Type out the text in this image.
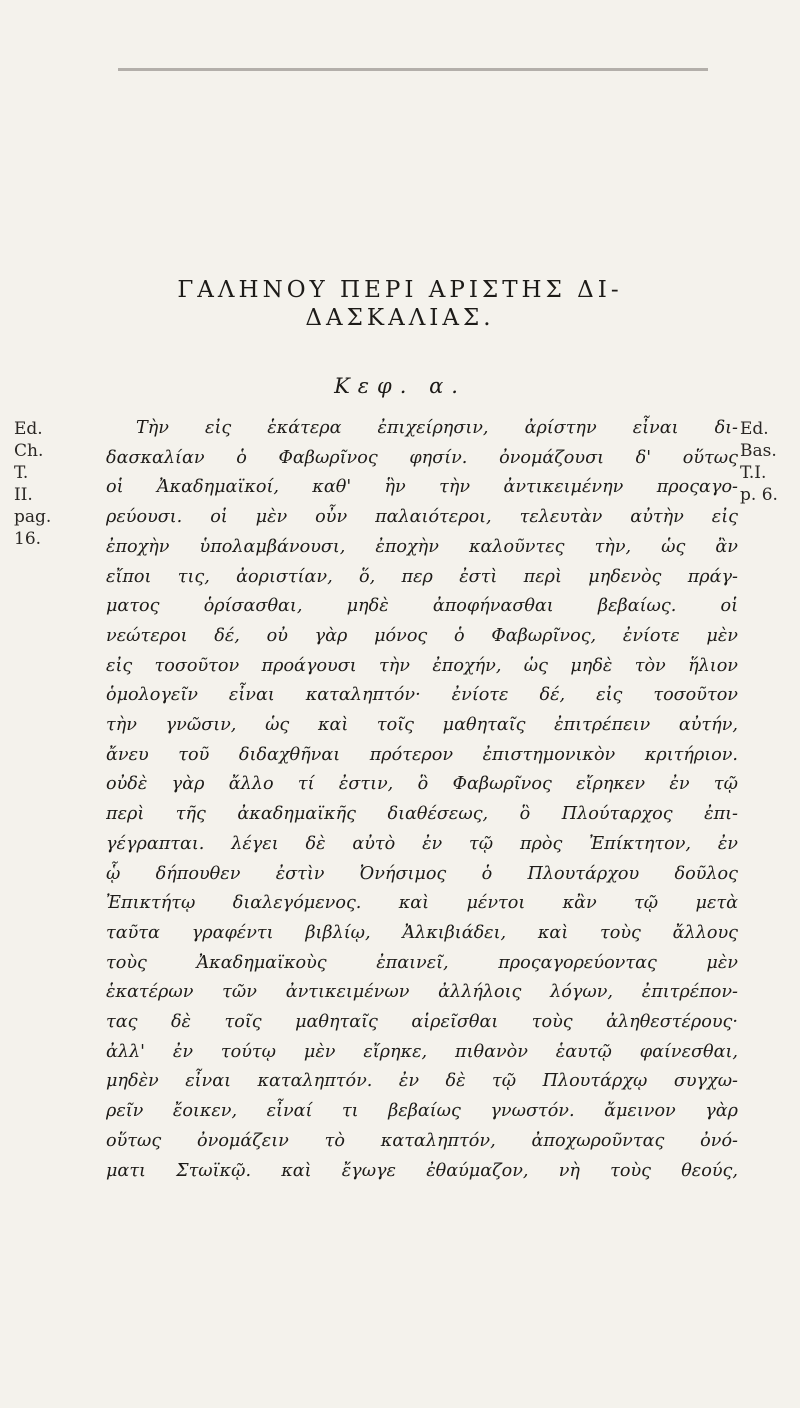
ΓΑΛΗΝΟΥ ΠΕΡΙ ΑΡΙΣΤΗΣ ΔΙ-
ΔΑΣΚΑΛΙΑΣ.
Κεφ. α.
Ed.
Ch.
T.
II.
pag.
16.
Ed.
Bas.
T.I.
p. 6.
Τὴν εἰς ἑκάτερα ἐπιχείρησιν, ἀρίστην εἶναι δι-
δασκαλίαν ὁ Φαβωρῖνος φησίν. ὀνομάζουσι δ' οὕτως
οἱ Ἀκαδημαϊκοί, καθ' ἣν τὴν ἀντικειμένην προςαγο-
ρεύουσι. οἱ μὲν οὖν παλαιότεροι, τελευτὰν αὐτὴν εἰς
ἐποχὴν ὑπολαμβάνουσι, ἐποχὴν καλοῦντες τὴν, ὡς ἂν
εἴποι τις, ἀοριστίαν, ὅ, περ ἐστὶ περὶ μηδενὸς πράγ-
ματος ὁρίσασθαι, μηδὲ ἀποφήνασθαι βεβαίως. οἱ
νεώτεροι δέ, οὐ γὰρ μόνος ὁ Φαβωρῖνος, ἐνίοτε μὲν
εἰς τοσοῦτον προάγουσι τὴν ἐποχήν, ὡς μηδὲ τὸν ἥλιον
ὁμολογεῖν εἶναι καταληπτόν· ἐνίοτε δέ, εἰς τοσοῦτον
τὴν γνῶσιν, ὡς καὶ τοῖς μαθηταῖς ἐπιτρέπειν αὐτήν,
ἄνευ τοῦ διδαχθῆναι πρότερον ἐπιστημονικὸν κριτήριον.
οὐδὲ γὰρ ἄλλο τί ἐστιν, ὃ Φαβωρῖνος εἴρηκεν ἐν τῷ
περὶ τῆς ἀκαδημαϊκῆς διαθέσεως, ὃ Πλούταρχος ἐπι-
γέγραπται. λέγει δὲ αὐτὸ ἐν τῷ πρὸς Ἐπίκτητον, ἐν
ᾧ δήπουθεν ἐστὶν Ὀνήσιμος ὁ Πλουτάρχου δοῦλος
Ἐπικτήτῳ διαλεγόμενος. καὶ μέντοι κἂν τῷ μετὰ
ταῦτα γραφέντι βιβλίῳ, Ἀλκιβιάδει, καὶ τοὺς ἄλλους
τοὺς Ἀκαδημαϊκοὺς ἐπαινεῖ, προςαγορεύοντας μὲν
ἑκατέρων τῶν ἀντικειμένων ἀλλήλοις λόγων, ἐπιτρέπον-
τας δὲ τοῖς μαθηταῖς αἱρεῖσθαι τοὺς ἀληθεστέρους·
ἀλλ' ἐν τούτῳ μὲν εἴρηκε, πιθανὸν ἑαυτῷ φαίνεσθαι,
μηδὲν εἶναι καταληπτόν. ἐν δὲ τῷ Πλουτάρχῳ συγχω-
ρεῖν ἔοικεν, εἶναί τι βεβαίως γνωστόν. ἄμεινον γὰρ
οὕτως ὀνομάζειν τὸ καταληπτόν, ἀποχωροῦντας ὀνό-
ματι Στωϊκῷ. καὶ ἔγωγε ἐθαύμαζον, νὴ τοὺς θεούς,
